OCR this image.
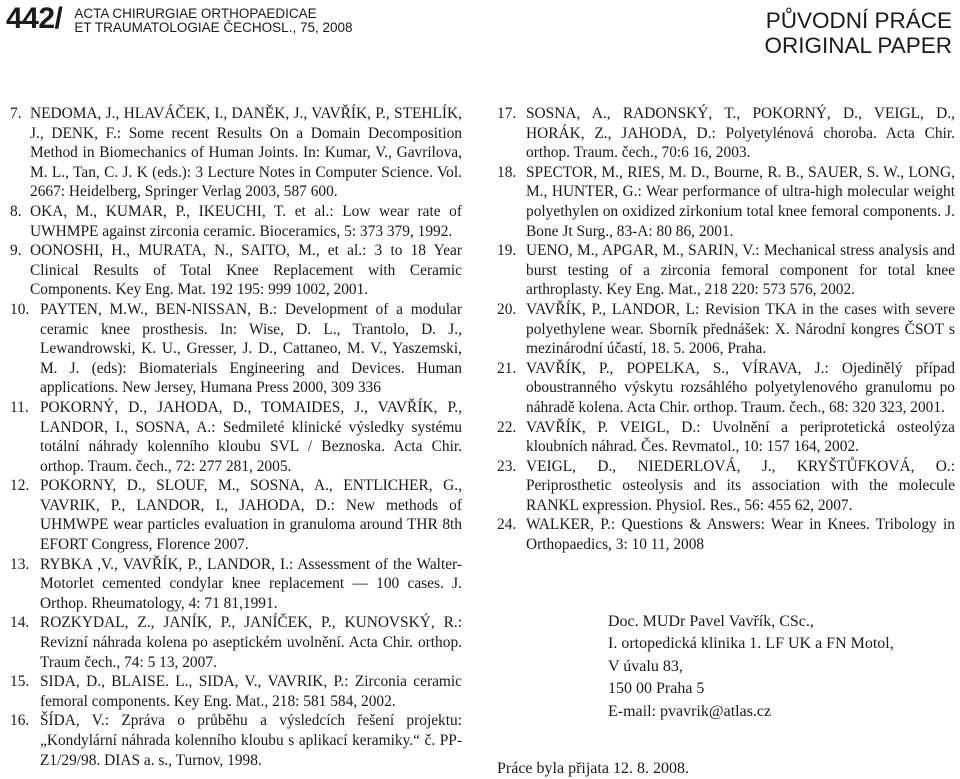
442/ ACTA CHIRURGIAE ORTHOPAEDICAE
ET TRAUMATOLOGIAE ČECHOSL., 75, 2008	PŮVODNÍ PRÁCE
ORIGINAL PAPER
7. NEDOMA, J., HLAVÁČEK, I., DANĚK, J., VAVŘÍK, P., STEHLÍK, J., DENK, F.: Some recent Results On a Domain Decomposition Method in Biomechanics of Human Joints. In: Kumar, V., Gavrilova, M. L., Tan, C. J. K (eds.): 3 Lecture Notes in Computer Science. Vol. 2667: Heidelberg, Springer Verlag 2003, 587 600.
8. OKA, M., KUMAR, P., IKEUCHI, T. et al.: Low wear rate of UWHMPE against zirconia ceramic. Bioceramics, 5: 373 379, 1992.
9. OONOSHI, H., MURATA, N., SAITO, M., et al.: 3 to 18 Year Clinical Results of Total Knee Replacement with Ceramic Components. Key Eng. Mat. 192 195: 999 1002, 2001.
10. PAYTEN, M.W., BEN-NISSAN, B.: Development of a modular ceramic knee prosthesis. In: Wise, D. L., Trantolo, D. J., Lewandrowski, K. U., Gresser, J. D., Cattaneo, M. V., Yaszemski, M. J. (eds): Biomaterials Engineering and Devices. Human applications. New Jersey, Humana Press 2000, 309 336
11. POKORNÝ, D., JAHODA, D., TOMAIDES, J., VAVŘÍK, P., LANDOR, I., SOSNA, A.: Sedmileté klinické výsledky systému totální náhrady kolenního kloubu SVL / Beznoska. Acta Chir. orthop. Traum. čech., 72: 277 281, 2005.
12. POKORNY, D., SLOUF, M., SOSNA, A., ENTLICHER, G., VAVRIK, P., LANDOR, I., JAHODA, D.: New methods of UHMWPE wear particles evaluation in granuloma around THR 8th EFORT Congress, Florence 2007.
13. RYBKA ,V., VAVŘÍK, P., LANDOR, I.: Assessment of the Walter-Motorlet cemented condylar knee replacement — 100 cases. J. Orthop. Rheumatology, 4: 71 81,1991.
14. ROZKYDAL, Z., JANÍK, P., JANÍČEK, P., KUNOVSKÝ, R.: Revizní náhrada kolena po aseptickém uvolnění. Acta Chir. orthop. Traum čech., 74: 5 13, 2007.
15. SIDA, D., BLAISE. L., SIDA, V., VAVRIK, P.: Zirconia ceramic femoral components. Key Eng. Mat., 218: 581 584, 2002.
16. ŠÍDA, V.: Zpráva o průběhu a výsledcích řešení projektu: „Kondylární náhrada kolenního kloubu s aplikací keramiky.“ č. PP-Z1/29/98. DIAS a. s., Turnov, 1998.
17. SOSNA, A., RADONSKÝ, T., POKORNÝ, D., VEIGL, D., HORÁK, Z., JAHODA, D.: Polyetylénová choroba. Acta Chir. orthop. Traum. čech., 70:6 16, 2003.
18. SPECTOR, M., RIES, M. D., Bourne, R. B., SAUER, S. W., LONG, M., HUNTER, G.: Wear performance of ultra-high molecular weight polyethylen on oxidized zirkonium total knee femoral components. J. Bone Jt Surg., 83-A: 80 86, 2001.
19. UENO, M., APGAR, M., SARIN, V.: Mechanical stress analysis and burst testing of a zirconia femoral component for total knee arthroplasty. Key Eng. Mat., 218 220: 573 576, 2002.
20. VAVŘÍK, P., LANDOR, L: Revision TKA in the cases with severe polyethylene wear. Sborník přednášek: X. Národní kongres ČSOT s mezinárodní účastí, 18. 5. 2006, Praha.
21. VAVŘÍK, P., POPELKA, S., VÍRAVA, J.: Ojedinělý případ oboustranného výskytu rozsáhlého polyetylenového granulomu po náhradě kolena. Acta Chir. orthop. Traum. čech., 68: 320 323, 2001.
22. VAVŘÍK, P. VEIGL, D.: Uvolnění a periprotetická osteolýza kloubních náhrad. Čes. Revmatol., 10: 157 164, 2002.
23. VEIGL, D., NIEDERLOVÁ, J., KRYŠTŮFKOVÁ, O.: Periprosthetic osteolysis and its association with the molecule RANKL expression. Physiol. Res., 56: 455 62, 2007.
24. WALKER, P.: Questions & Answers: Wear in Knees. Tribology in Orthopaedics, 3: 10 11, 2008
Doc. MUDr Pavel Vavřík, CSc.,
I. ortopedická klinika 1. LF UK a FN Motol,
V úvalu 83,
150 00 Praha 5
E-mail: pvavrik@atlas.cz
Práce byla přijata 12. 8. 2008.
